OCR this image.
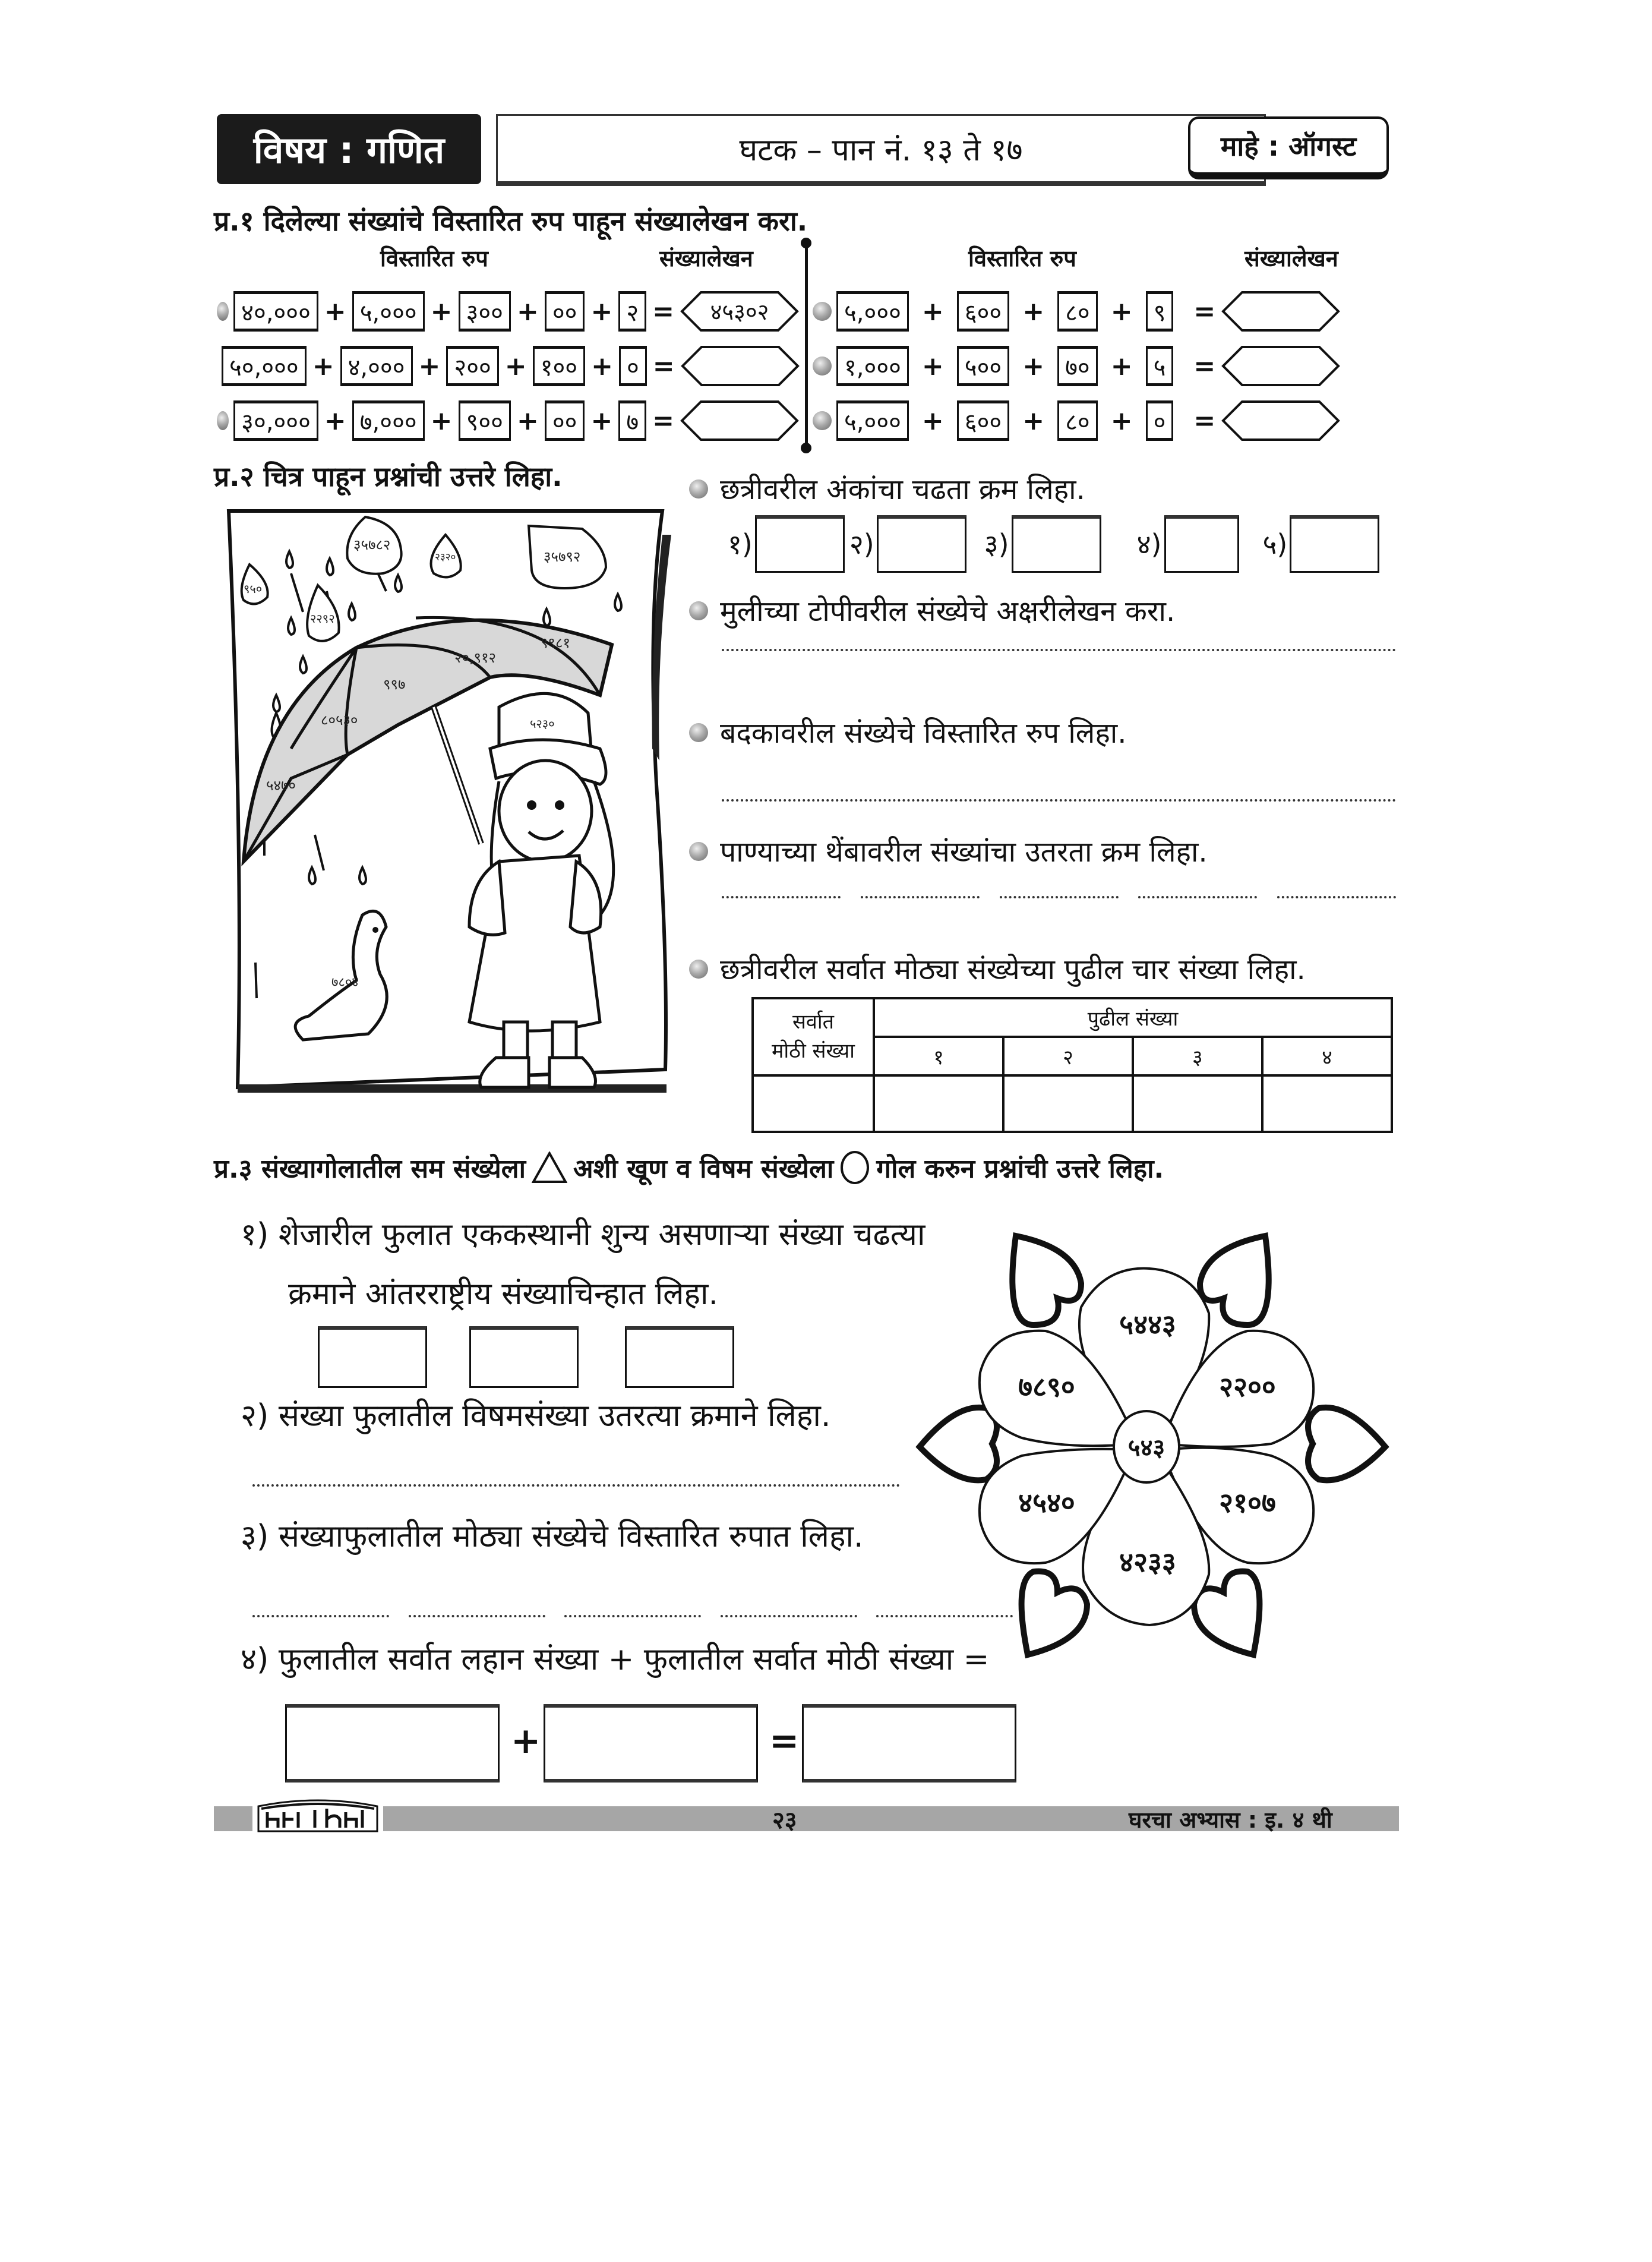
घटक – पान नं. १३ ते १७
विषय : गणित	माहे : ऑगस्ट
प्र.१ दिलेल्या संख्यांचे विस्तारित रुप पाहून संख्यालेखन करा.
विस्तारित रुप	संख्यालेखन	विस्तारित रुप	संख्यालेखन
४०,००० + ५,००० + ३०० + ०० + २ =	४५३०२
५०,००० + ४,००० + २०० + १०० + ० =
३०,००० + ७,००० + ९०० + ०० + ७ =
५,००० + ६०० + ८० + ९ =
१,००० + ५०० + ७० + ५ =
५,००० + ६०० + ८० + ० =
प्र.२ चित्र पाहून प्रश्नांची उत्तरे लिहा.
३५७८२
२३२०	३५७९२
९५०
२२९२
९९८१
२०,९१२
९९७
८०५३०
५४७०
५२३०
७८०४
छत्रीवरील अंकांचा चढता क्रम लिहा.
१)	२)	३)	४)	५)
मुलीच्या टोपीवरील संख्येचे अक्षरीलेखन करा.
बदकावरील संख्येचे विस्तारित रुप लिहा.
पाण्याच्या थेंबावरील संख्यांचा उतरता क्रम लिहा.
छत्रीवरील सर्वात मोठ्या संख्येच्या पुढील चार संख्या लिहा.
सर्वात
मोठी संख्या	पुढील संख्या			
	१	२	३	४

प्र.३ संख्यागोलातील सम संख्येला अशी खूण व विषम संख्येला गोल करुन प्रश्नांची उत्तरे लिहा.
१) शेजारील फुलात एककस्थानी शुन्य असणाऱ्या संख्या चढत्या
क्रमाने आंतरराष्ट्रीय संख्याचिन्हात लिहा.
२) संख्या फुलातील विषमसंख्या उतरत्या क्रमाने लिहा.
३) संख्याफुलातील मोठ्या संख्येचे विस्तारित रुपात लिहा.
४) फुलातील सर्वात लहान संख्या + फुलातील सर्वात मोठी संख्या =
+	=
५४४३
२२००
२१०७
४२३३
४५४०
७८९०
५४३
२३	घरचा अभ्यास : इ. ४ थी
